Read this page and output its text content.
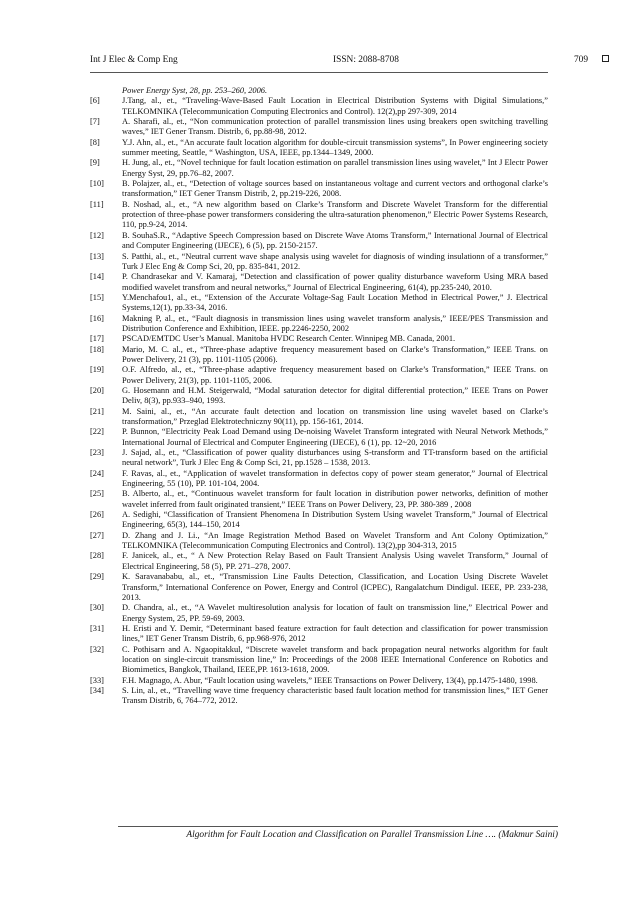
Int J Elec & Comp Eng	ISSN: 2088-8708	709

Power Energy Syst, 28, pp. 253–260, 2006.

[6]	J.Tang, al., et., “Traveling-Wave-Based Fault Location in Electrical Distribution Systems with Digital Simulations,” TELKOMNIKA (Telecommunication Computing Electronics and Control). 12(2),pp 297-309, 2014

[7]	A. Sharafi, al., et., “Non communication protection of parallel transmission lines using breakers open switching travelling waves,” IET Gener Transm. Distrib, 6, pp.88-98, 2012.

[8]	Y.J. Ahn, al., et., “An accurate fault location algorithm for double-circuit transmission systems”, In Power engineering society summer meeting, Seattle, “ Washington, USA, IEEE, pp.1344–1349, 2000.

[9]	H. Jung, al., et., “Novel technique for fault location estimation on parallel transmission lines using wavelet,” Int J Electr Power Energy Syst, 29, pp.76–82, 2007.

[10] B. Polajzer, al., et., “Detection of voltage sources based on instantaneous voltage and current vectors and orthogonal clarke’s transformation,” IET Gener Transm Distrib, 2, pp.219-226, 2008.

[11] B. Noshad, al., et., “A new algorithm based on Clarke’s Transform and Discrete Wavelet Transform for the differential protection of three-phase power transformers considering the ultra-saturation phenomenon,” Electric Power Systems Research, 110, pp.9-24, 2014.

[12] B. SouhaS.R., “Adaptive Speech Compression based on Discrete Wave Atoms Transform,” International Journal of Electrical and Computer Engineering (IJECE), 6 (5), pp. 2150-2157.

[13] S. Patthi, al., et., “Neutral current wave shape analysis using wavelet for diagnosis of winding insulationn of a transformer,” Turk J Elec Eng & Comp Sci, 20, pp. 835-841, 2012.

[14] P. Chandrasekar and V. Kamaraj, “Detection and classification of power quality disturbance waveform Using MRA based modified wavelet transfrom and neural networks,” Journal of Electrical Engineering, 61(4), pp.235-240, 2010.

[15] Y.Menchafou1, al., et., “Extension of the Accurate Voltage-Sag Fault Location Method in Electrical Power,” J. Electrical Systems,12(1), pp.33-34, 2016.

[16] Makning P, al., et., “Fault diagnosis in transmission lines using wavelet transform analysis,” IEEE/PES Transmission and Distribution Conference and Exhibition, IEEE. pp.2246-2250, 2002

[17] PSCAD/EMTDC User’s Manual. Manitoba HVDC Research Center. Winnipeg MB. Canada, 2001.

[18] Mario, M. C. al., et., “Three-phase adaptive frequency measurement based on Clarke’s Transformation,” IEEE Trans. on Power Delivery, 21 (3), pp. 1101-1105 (2006).

[19] O.F. Alfredo, al., et., “Three-phase adaptive frequency measurement based on Clarke’s Transformation,” IEEE Trans. on Power Delivery, 21(3), pp. 1101-1105, 2006.

[20] G. Hosemann and H.M. Steigerwald, “Modal saturation detector for digital differential protection,” IEEE Trans on Power Deliv, 8(3), pp.933–940, 1993.

[21] M. Saini, al., et., “An accurate fault detection and location on transmission line using wavelet based on Clarke’s transformation,” Przeglad Elektrotechniczny 90(11), pp. 156-161, 2014.

[22] P. Bunnon, “Electricity Peak Load Demand using De-noising Wavelet Transform integrated with Neural Network Methods,” International Journal of Electrical and Computer Engineering (IJECE), 6 (1), pp. 12~20, 2016

[23] J. Sajad, al., et., “Classification of power quality disturbances using S-transform and TT-transform based on the artificial neural network”, Turk J Elec Eng & Comp Sci, 21, pp.1528 – 1538, 2013.

[24] F. Ravas, al., et., “Application of wavelet transformation in defectos copy of power steam generator,” Journal of Electrical Engineering, 55 (10), PP. 101-104, 2004.

[25] B. Alberto, al., et., “Continuous wavelet transform for fault location in distribution power networks, definition of mother wavelet inferred from fault originated transient,” IEEE Trans on Power Delivery, 23, PP. 380-389 , 2008

[26] A. Sedighi, “Classification of Transient Phenomena In Distribution System Using wavelet Transform,” Journal of Electrical Engineering, 65(3), 144–150, 2014

[27] D. Zhang and J. Li., “An Image Registration Method Based on Wavelet Transform and Ant Colony Optimization,” TELKOMNIKA (Telecommunication Computing Electronics and Control). 13(2),pp 304-313, 2015

[28] F. Janicek, al., et., “ A New Protection Relay Based on Fault Transient Analysis Using wavelet Transform,” Journal of Electrical Engineering, 58 (5), PP. 271–278, 2007.

[29] K. Saravanababu, al., et., “Transmission Line Faults Detection, Classification, and Location Using Discrete Wavelet Transform,” International Conference on Power, Energy and Control (ICPEC), Rangalatchum Dindigul. IEEE, PP. 233-238, 2013.

[30] D. Chandra, al., et., “A Wavelet multiresolution analysis for location of fault on transmission line,” Electrical Power and Energy System, 25, PP. 59-69, 2003.

[31] H. Eristi and Y. Demir, “Determinant based feature extraction for fault detection and classification for power transmission lines,” IET Gener Transm Distrib, 6, pp.968-976, 2012

[32] C. Pothisarn and A. Ngaopitakkul, “Discrete wavelet transform and back propagation neural networks algorithm for fault location on single-circuit transmission line,” In: Proceedings of the 2008 IEEE International Conference on Robotics and Biomimetics, Bangkok, Thailand, IEEE,PP. 1613-1618, 2009.

[33] F.H. Magnago, A. Abur, “Fault location using wavelets,” IEEE Transactions on Power Delivery, 13(4), pp.1475-1480, 1998.

[34] S. Lin, al., et., “Travelling wave time frequency characteristic based fault location method for transmission lines,” IET Gener Transm Distrib, 6, 764–772, 2012.

Algorithm for Fault Location and Classification on Parallel Transmission Line …. (Makmur Saini)
